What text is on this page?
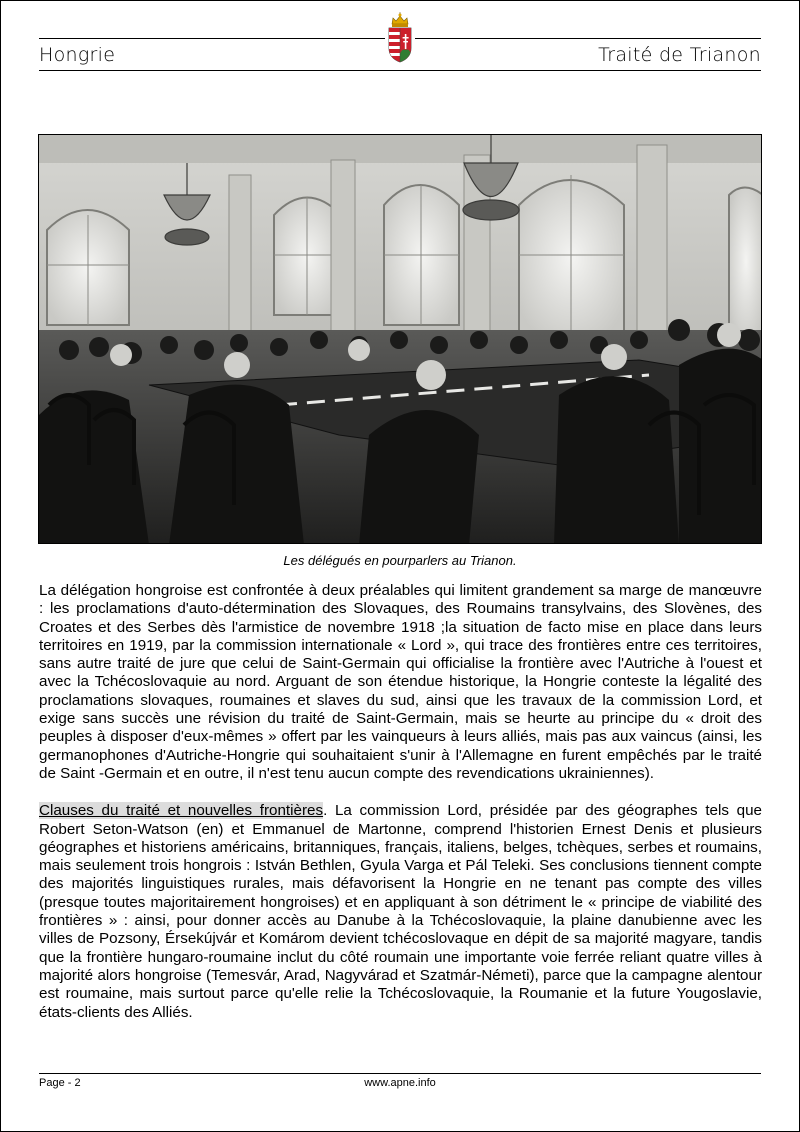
Hongrie	Traité de Trianon
Les délégués en pourparlers au Trianon.

La délégation hongroise est confrontée à deux préalables qui limitent grandement sa marge de manœuvre : les proclamations d'auto-détermination des Slovaques, des Roumains transylvains, des Slovènes, des Croates et des Serbes dès l'armistice de novembre 1918 ;la situation de facto mise en place dans leurs territoires en 1919, par la commission internationale « Lord », qui trace des frontières entre ces territoires, sans autre traité de jure que celui de Saint-Germain qui officialise la frontière avec l'Autriche à l'ouest et avec la Tchécoslovaquie au nord. Arguant de son étendue historique, la Hongrie conteste la légalité des proclamations slovaques, roumaines et slaves du sud, ainsi que les travaux de la commission Lord, et exige sans succès une révision du traité de Saint-Germain, mais se heurte au principe du « droit des peuples à disposer d'eux-mêmes » offert par les vainqueurs à leurs alliés, mais pas aux vaincus (ainsi, les germanophones d'Autriche-Hongrie qui souhaitaient s'unir à l'Allemagne en furent empêchés par le traité de Saint -Germain et en outre, il n'est tenu aucun compte des revendications ukrainiennes).

Clauses du traité et nouvelles frontières. La commission Lord, présidée par des géographes tels que Robert Seton-Watson (en) et Emmanuel de Martonne, comprend l'historien Ernest Denis et plusieurs géographes et historiens américains, britanniques, français, italiens, belges, tchèques, serbes et roumains, mais seulement trois hongrois : István Bethlen, Gyula Varga et Pál Teleki. Ses conclusions tiennent compte des majorités linguistiques rurales, mais défavorisent la Hongrie en ne tenant pas compte des villes (presque toutes majoritairement hongroises) et en appliquant à son détriment le « principe de viabilité des frontières » : ainsi, pour donner accès au Danube à la Tchécoslovaquie, la plaine danubienne avec les villes de Pozsony, Érsekújvár et Komárom devient tchécoslovaque en dépit de sa majorité magyare, tandis que la frontière hungaro-roumaine inclut du côté roumain une importante voie ferrée reliant quatre villes à majorité alors hongroise (Temesvár, Arad, Nagyvárad et Szatmár-Németi), parce que la campagne alentour est roumaine, mais surtout parce qu'elle relie la Tchécoslovaquie, la Roumanie et la future Yougoslavie, états-clients des Alliés.

Page - 2	www.apne.info
